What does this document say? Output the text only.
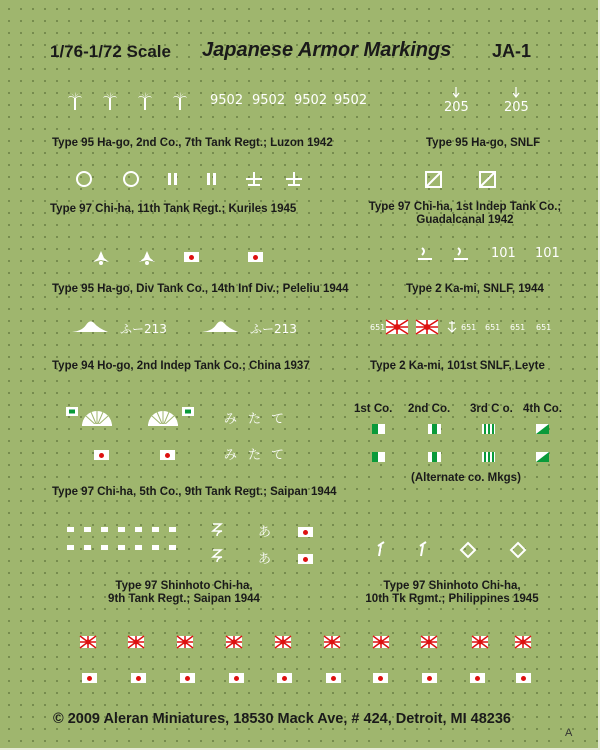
1/76-1/72 Scale Japanese Armor Markings JA-1
9502 9502 9502 9502	205	205
Type 95 Ha-go, 2nd Co., 7th Tank Regt.; Luzon 1942	Type 95 Ha-go, SNLF
Type 97 Chi-ha, 11th Tank Regt.; Kuriles 1945	Type 97 Chi-ha, 1st Indep Tank Co.;
Guadalcanal 1942
101 101
Type 95 Ha-go, Div Tank Co., 14th Inf Div.; Peleliu 1944	Type 2 Ka-mi, SNLF, 1944
ふー213	ふー213	651	651 651 651 651
Type 94 Ho-go, 2nd Indep Tank Co.; China 1937	Type 2 Ka-mi, 101st SNLF, Leyte
み た て
み た て
1st Co. 2nd Co. 3rd C o. 4th Co.
(Alternate co. Mkgs)
Type 97 Chi-ha, 5th Co., 9th Tank Regt.; Saipan 1944
あ
あ
Type 97 Shinhoto Chi-ha,
9th Tank Regt.; Saipan 1944
Type 97 Shinhoto Chi-ha,
10th Tk Rgmt.; Philippines 1945
© 2009 Aleran Miniatures, 18530 Mack Ave, # 424, Detroit, MI 48236
A
